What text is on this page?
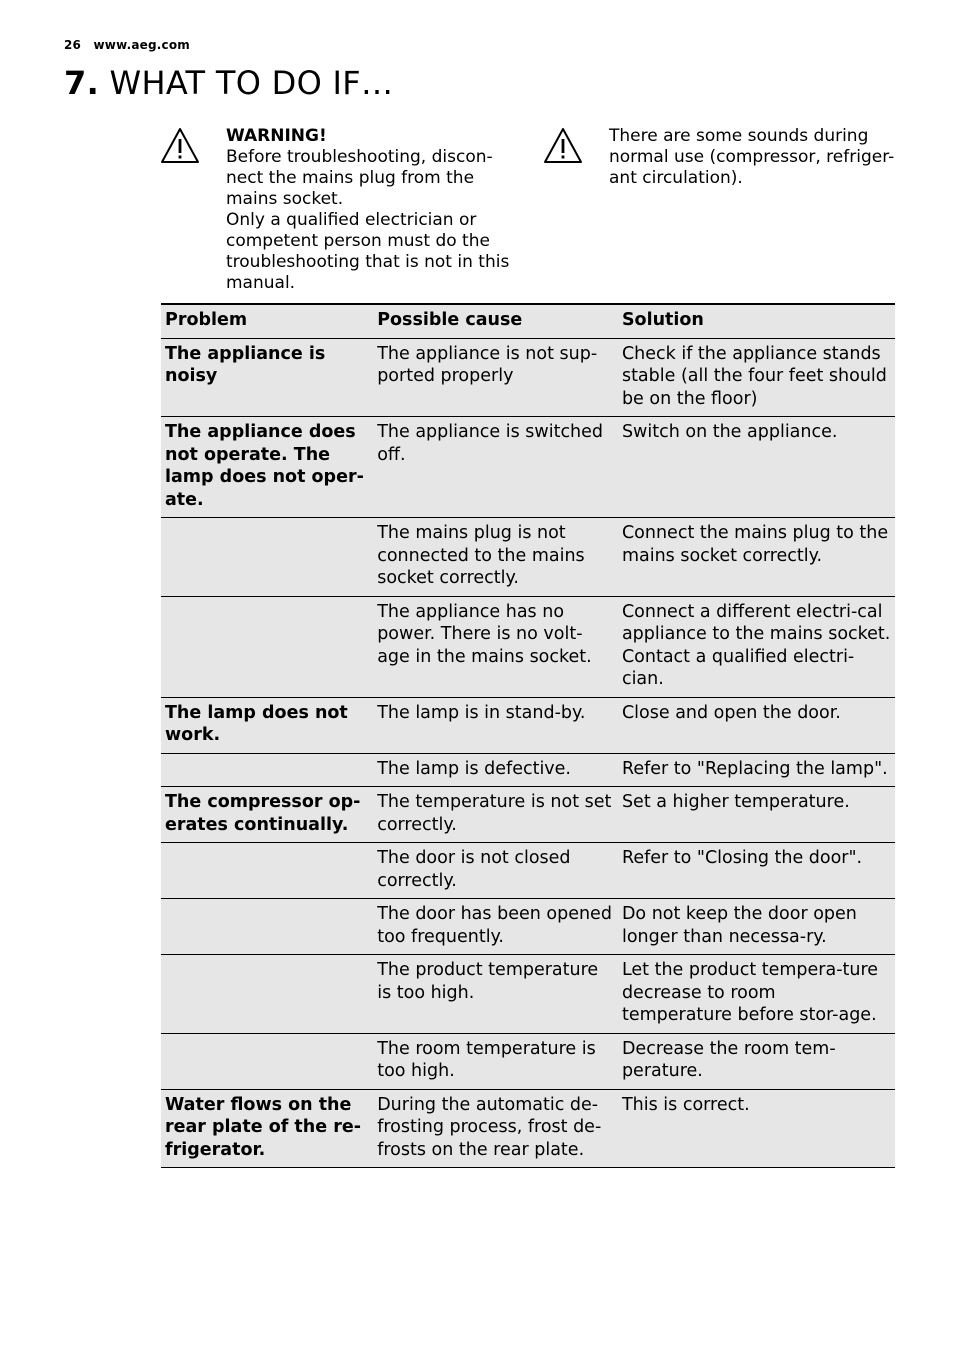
26 www.aeg.com
7. WHAT TO DO IF…

WARNING!

Before troubleshooting, discon-

nect the mains plug from the

mains socket.

Only a qualified electrician or

competent person must do the

troubleshooting that is not in this

manual.

There are some sounds during

normal use (compressor, refriger-

ant circulation).

Problem	Possible cause	Solution
The appliance is noisy	The appliance is not sup-ported properly	Check if the appliance stands stable (all the four feet should be on the floor)
The appliance does not operate. The lamp does not oper-ate.	The appliance is switched off.	Switch on the appliance.
	The mains plug is not connected to the mains socket correctly.	Connect the mains plug to the mains socket correctly.
	The appliance has no power. There is no volt-age in the mains socket.	Connect a different electri-cal appliance to the mains socket. Contact a qualified electri-cian.
The lamp does not work.	The lamp is in stand-by.	Close and open the door.
	The lamp is defective.	Refer to "Replacing the lamp".
The compressor op-erates continually.	The temperature is not set correctly.	Set a higher temperature.
	The door is not closed correctly.	Refer to "Closing the door".
	The door has been opened too frequently.	Do not keep the door open longer than necessa-ry.
	The product temperature is too high.	Let the product tempera-ture decrease to room temperature before stor-age.
	The room temperature is too high.	Decrease the room tem-perature.
Water flows on the rear plate of the re-frigerator.	During the automatic de-frosting process, frost de-frosts on the rear plate.	This is correct.
